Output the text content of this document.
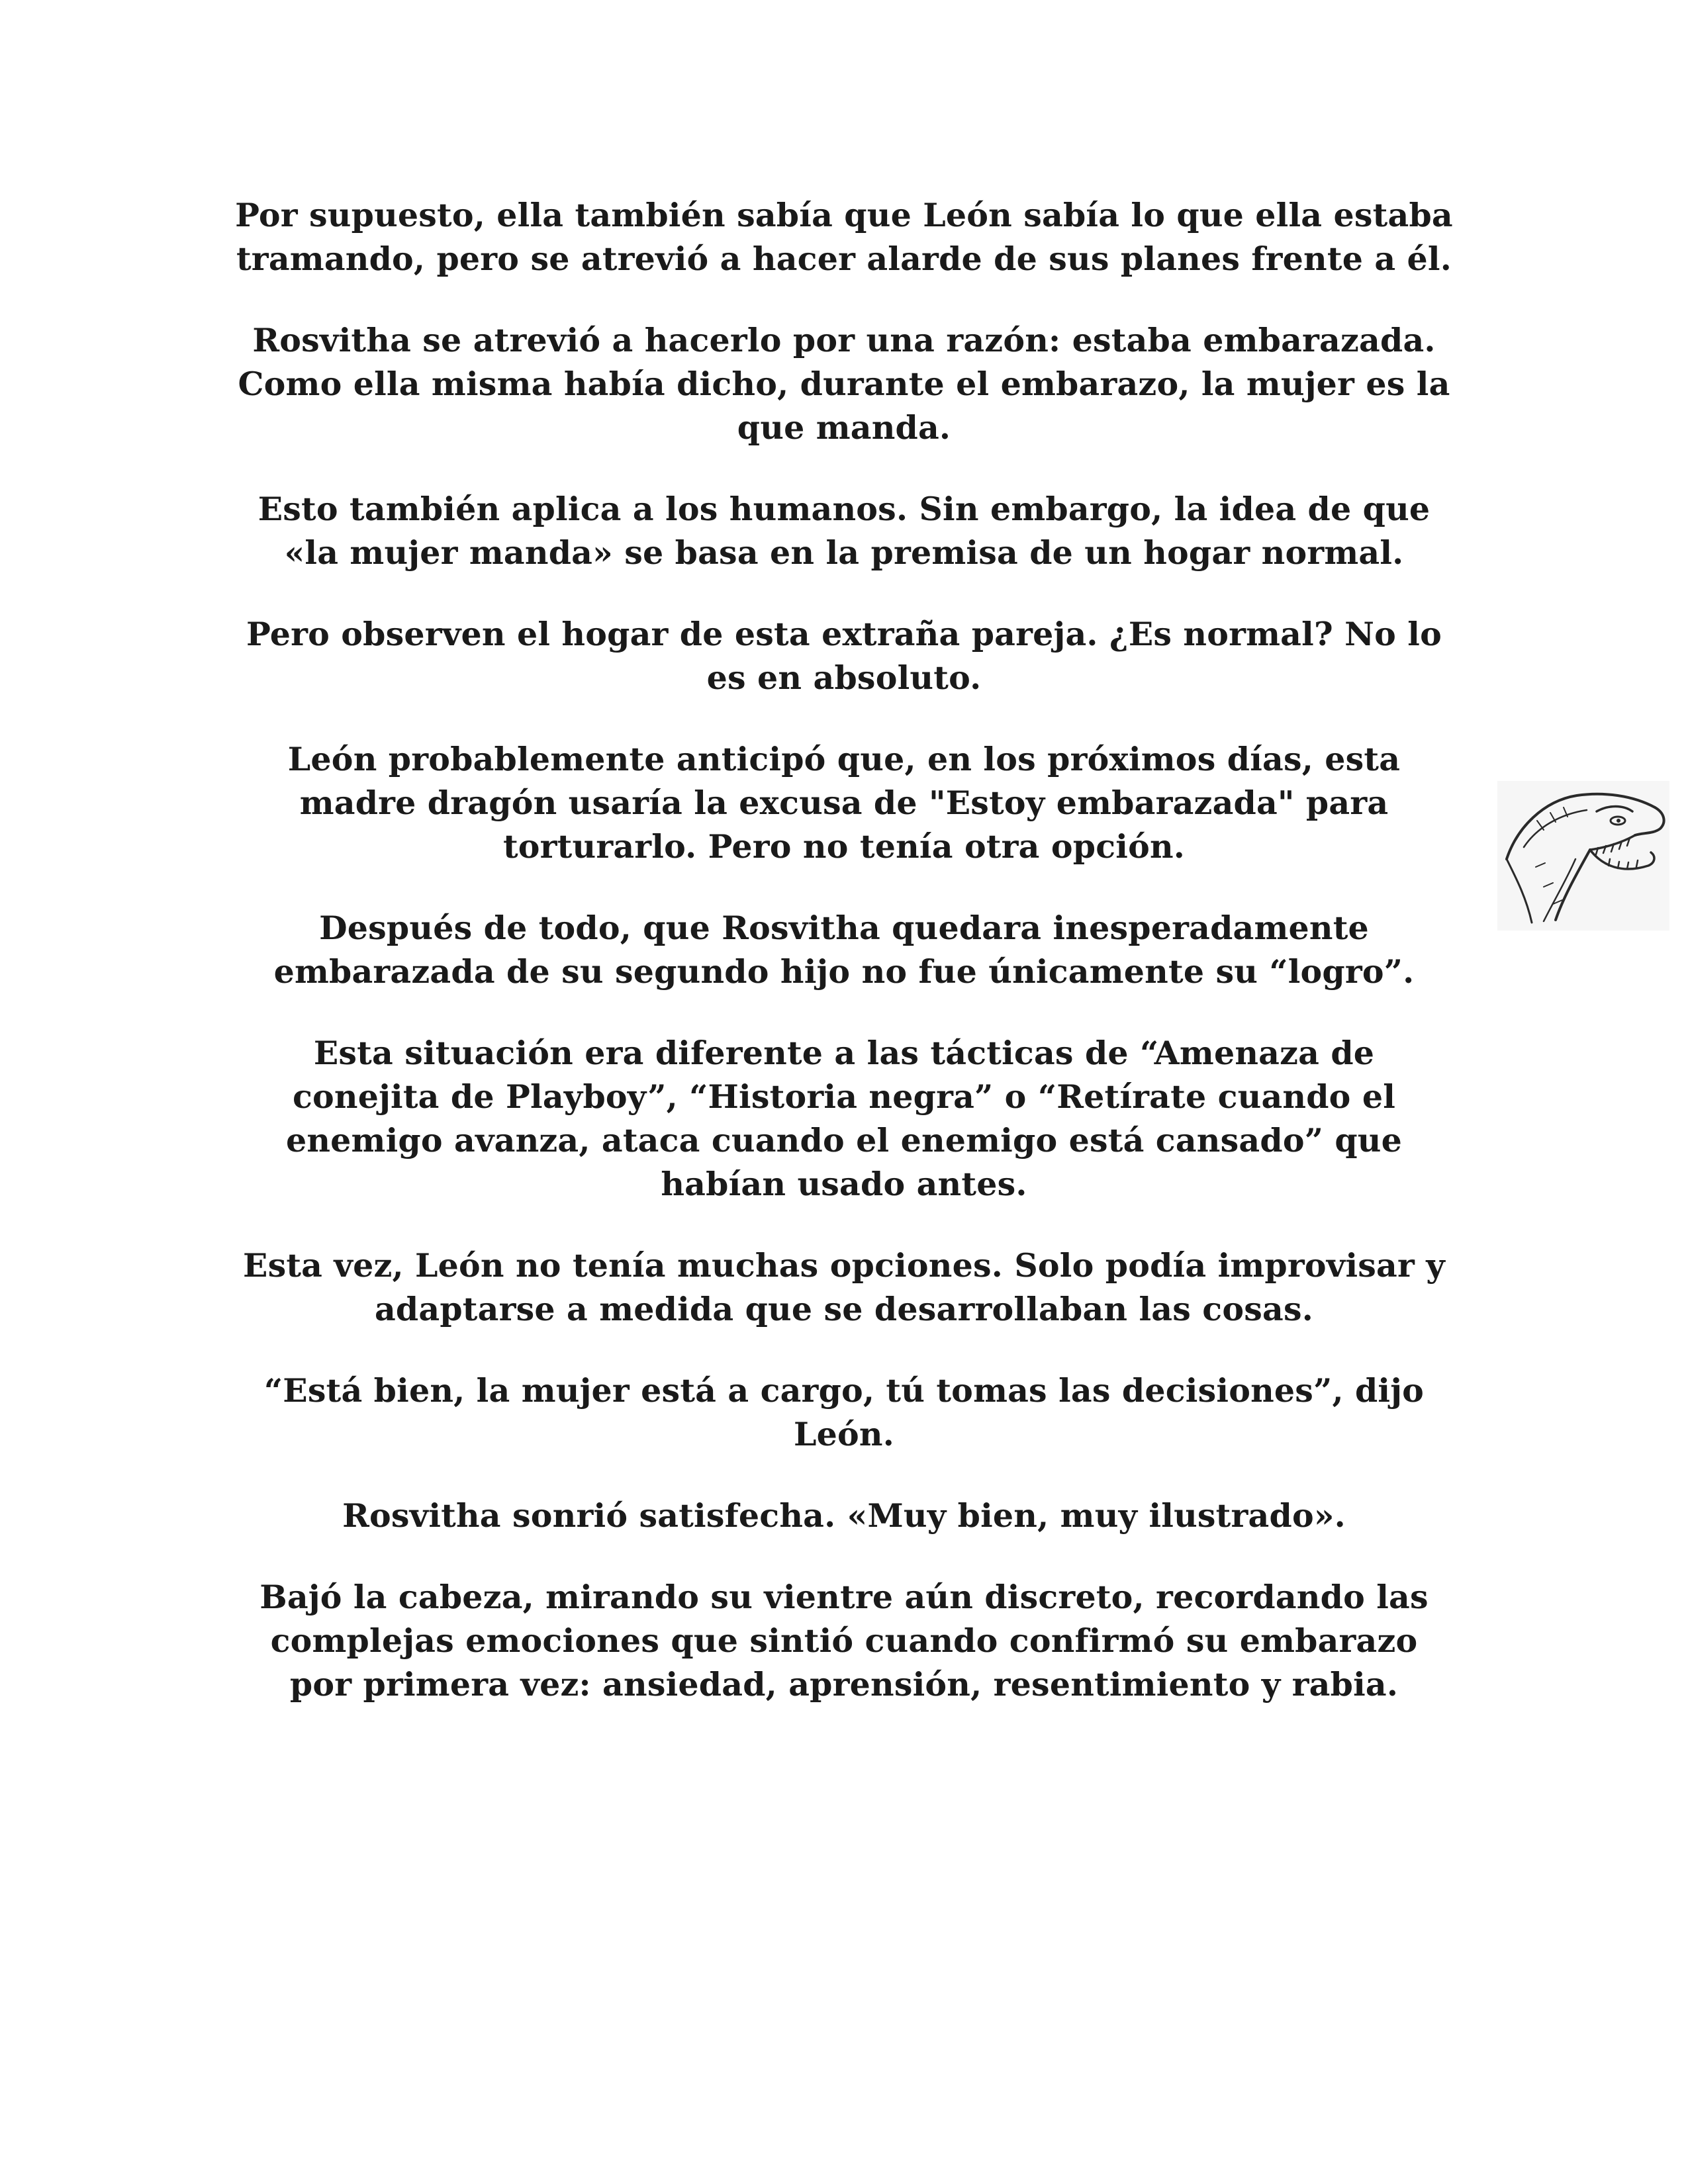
Por supuesto, ella también sabía que León sabía lo que ella estaba tramando, pero se atrevió a hacer alarde de sus planes frente a él.

Rosvitha se atrevió a hacerlo por una razón: estaba embarazada. Como ella misma había dicho, durante el embarazo, la mujer es la que manda.

Esto también aplica a los humanos. Sin embargo, la idea de que «la mujer manda» se basa en la premisa de un hogar normal.

Pero observen el hogar de esta extraña pareja. ¿Es normal? No lo es en absoluto.

León probablemente anticipó que, en los próximos días, esta madre dragón usaría la excusa de "Estoy embarazada" para torturarlo. Pero no tenía otra opción.

Después de todo, que Rosvitha quedara inesperadamente embarazada de su segundo hijo no fue únicamente su “logro”.

Esta situación era diferente a las tácticas de “Amenaza de conejita de Playboy”, “Historia negra” o “Retírate cuando el enemigo avanza, ataca cuando el enemigo está cansado” que habían usado antes.

Esta vez, León no tenía muchas opciones. Solo podía improvisar y adaptarse a medida que se desarrollaban las cosas.

“Está bien, la mujer está a cargo, tú tomas las decisiones”, dijo León.

Rosvitha sonrió satisfecha. «Muy bien, muy ilustrado».

Bajó la cabeza, mirando su vientre aún discreto, recordando las complejas emociones que sintió cuando confirmó su embarazo por primera vez: ansiedad, aprensión, resentimiento y rabia.
